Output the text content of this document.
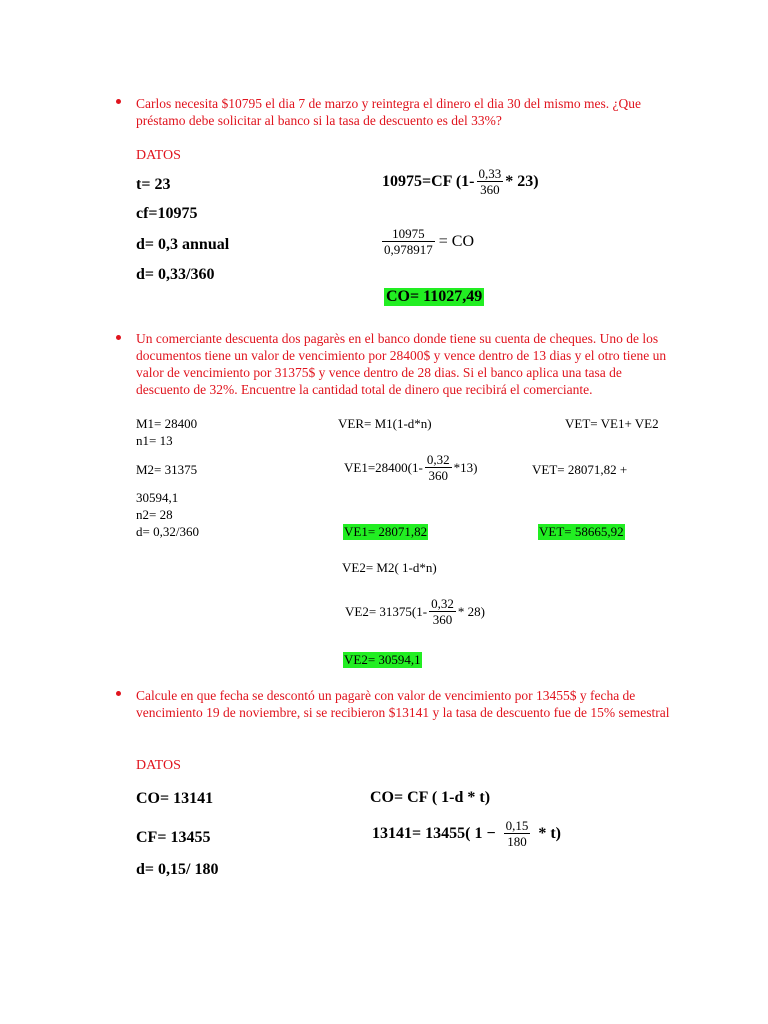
Carlos necesita $10795 el dia 7 de marzo y reintegra el dinero el dia 30 del mismo mes. ¿Que préstamo debe solicitar al banco si la tasa de descuento es del 33%?
DATOS
t= 23
cf=10975
d= 0,3 annual
d= 0,33/360
10975=CF $(1- \frac{0,33}{360} * 23)$
$\frac{10975}{0,978917}$ = CO
CO= 11027,49
Un comerciante descuenta dos pagarès en el banco donde tiene su cuenta de cheques. Uno de los documentos tiene un valor de vencimiento por 28400$ y vence dentro de 13 dias y el otro tiene un valor de vencimiento por 31375$ y vence dentro de 28 dias. Si el banco aplica una tasa de descuento de 32%. Encuentre la cantidad total de dinero que recibirá el comerciante.
M1= 28400
n1= 13
M2= 31375
30594,1
n2= 28
d= 0,32/360
VER= M1(1-d*n)
$VE1=28400(1- \frac{0,32}{360} *13)$
VE1= 28071,82
VE2= M2( 1-d*n)
$VE2= 31375(1- \frac{0,32}{360} * 28)$
VE2= 30594,1
VET= VE1+ VE2
VET= 28071,82 +
VET= 58665,92
Calcule en que fecha se descontó un pagarè con valor de vencimiento por 13455$ y fecha de vencimiento 19 de noviembre, si se recibieron $13141 y la tasa de descuento fue de 15% semestral
DATOS
CO= 13141
CF= 13455
d= 0,15/ 180
CO= CF ( 1-d * t)
13141= 13455( $1 - \frac{0,15}{180} * t$)
